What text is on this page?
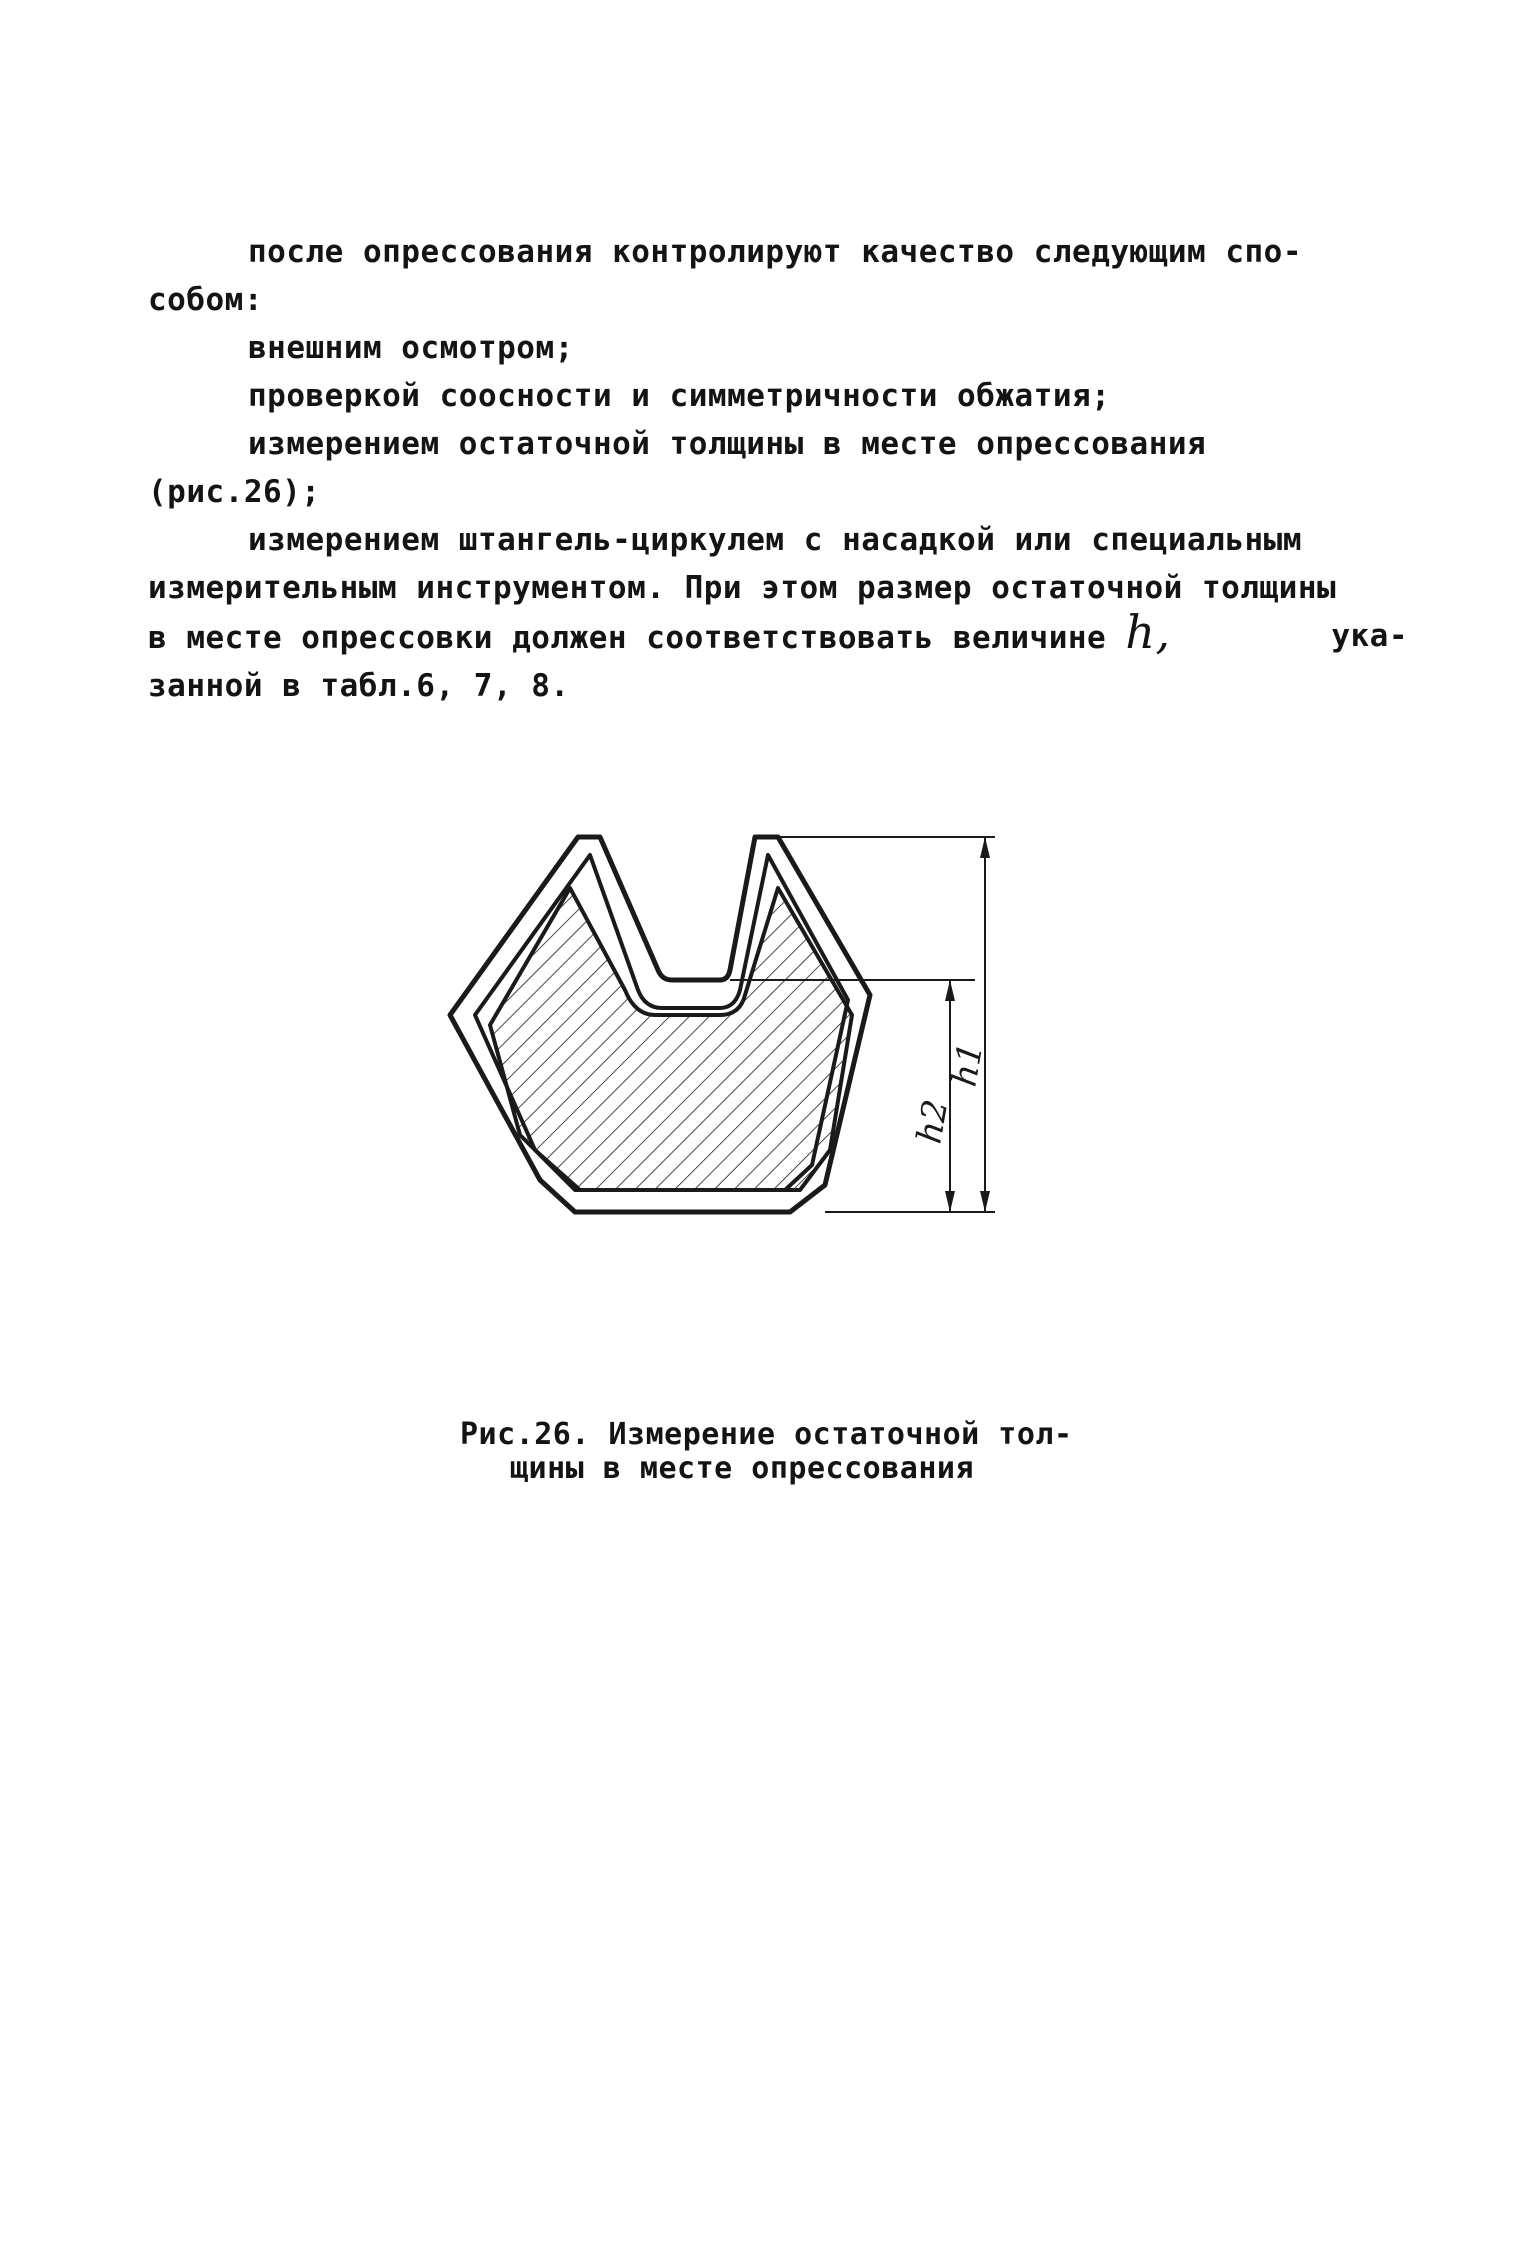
после опрессования контролируют качество следующим спо-
собом:
внешним осмотром;
проверкой соосности и симметричности обжатия;
измерением остаточной толщины в месте опрессования
(рис.26);
измерением штангель-циркулем с насадкой или специальным
измерительным инструментом. При этом размер остаточной толщины
в месте опрессовки должен соответствовать величине h,	ука-
занной в табл.6, 7, 8.
h1
h2
Рис.26. Измерение остаточной тол-
щины в месте опрессования
